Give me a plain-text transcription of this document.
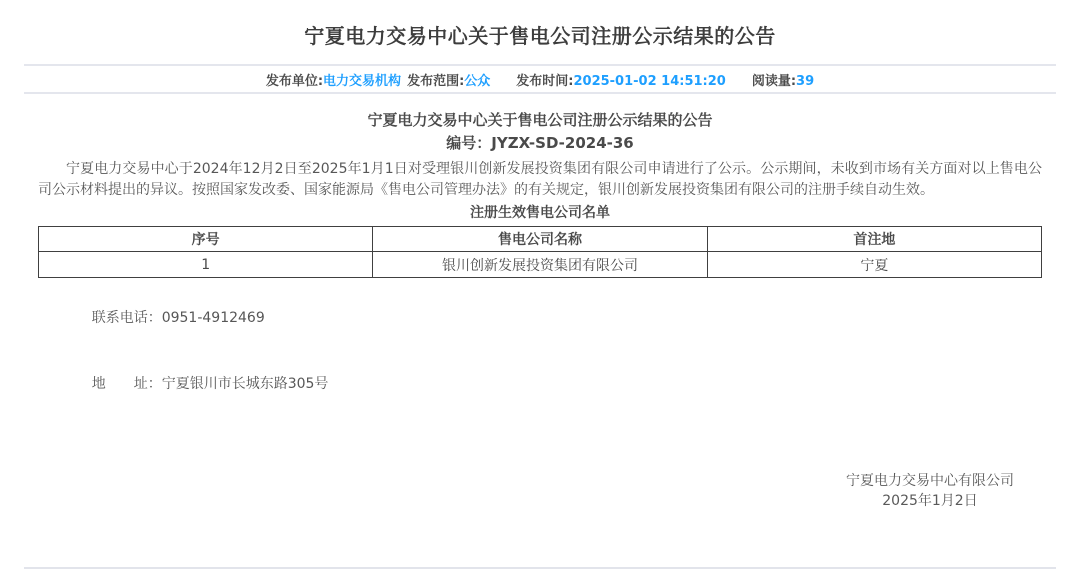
宁夏电力交易中心关于售电公司注册公示结果的公告
发布单位:电力交易机构 发布范围:公众 发布时间:2025-01-02 14:51:20 阅读量:39
宁夏电力交易中心关于售电公司注册公示结果的公告
编号：JYZX-SD-2024-36
宁夏电力交易中心于2024年12月2日至2025年1月1日对受理银川创新发展投资集团有限公司申请进行了公示。公示期间，未收到市场有关方面对以上售电公司公示材料提出的异议。按照国家发改委、国家能源局《售电公司管理办法》的有关规定，银川创新发展投资集团有限公司的注册手续自动生效。
注册生效售电公司名单
序号	售电公司名称	首注地
1	银川创新发展投资集团有限公司	宁夏

联系电话：0951-4912469

地　　址：宁夏银川市长城东路305号

宁夏电力交易中心有限公司
2025年1月2日
